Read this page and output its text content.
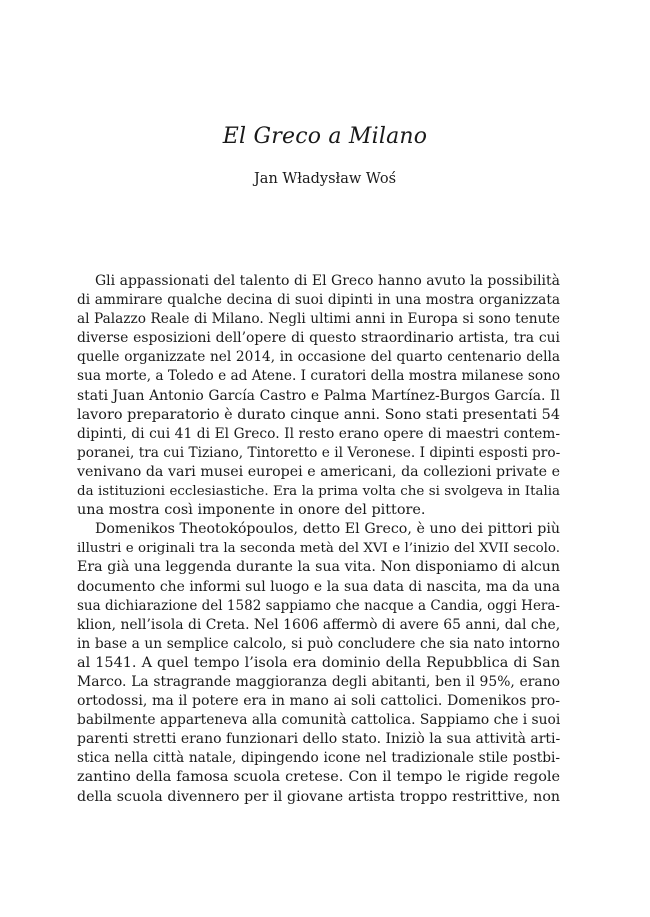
El Greco a Milano
Jan Władysław Woś
Gli appassionati del talento di El Greco hanno avuto la possibilità
di ammirare qualche decina di suoi dipinti in una mostra organizzata
al Palazzo Reale di Milano. Negli ultimi anni in Europa si sono tenute
diverse esposizioni dell’opere di questo straordinario artista, tra cui
quelle organizzate nel 2014, in occasione del quarto centenario della
sua morte, a Toledo e ad Atene. I curatori della mostra milanese sono
stati Juan Antonio García Castro e Palma Martínez-Burgos García. Il
lavoro preparatorio è durato cinque anni. Sono stati presentati 54
dipinti, di cui 41 di El Greco. Il resto erano opere di maestri contem-
poranei, tra cui Tiziano, Tintoretto e il Veronese. I dipinti esposti pro-
venivano da vari musei europei e americani, da collezioni private e
da istituzioni ecclesiastiche. Era la prima volta che si svolgeva in Italia
una mostra così imponente in onore del pittore.
Domenikos Theotokópoulos, detto El Greco, è uno dei pittori più
illustri e originali tra la seconda metà del XVI e l’inizio del XVII secolo.
Era già una leggenda durante la sua vita. Non disponiamo di alcun
documento che informi sul luogo e la sua data di nascita, ma da una
sua dichiarazione del 1582 sappiamo che nacque a Candia, oggi Hera-
klion, nell’isola di Creta. Nel 1606 affermò di avere 65 anni, dal che,
in base a un semplice calcolo, si può concludere che sia nato intorno
al 1541. A quel tempo l’isola era dominio della Repubblica di San
Marco. La stragrande maggioranza degli abitanti, ben il 95%, erano
ortodossi, ma il potere era in mano ai soli cattolici. Domenikos pro-
babilmente apparteneva alla comunità cattolica. Sappiamo che i suoi
parenti stretti erano funzionari dello stato. Iniziò la sua attività arti-
stica nella città natale, dipingendo icone nel tradizionale stile postbi-
zantino della famosa scuola cretese. Con il tempo le rigide regole
della scuola divennero per il giovane artista troppo restrittive, non
